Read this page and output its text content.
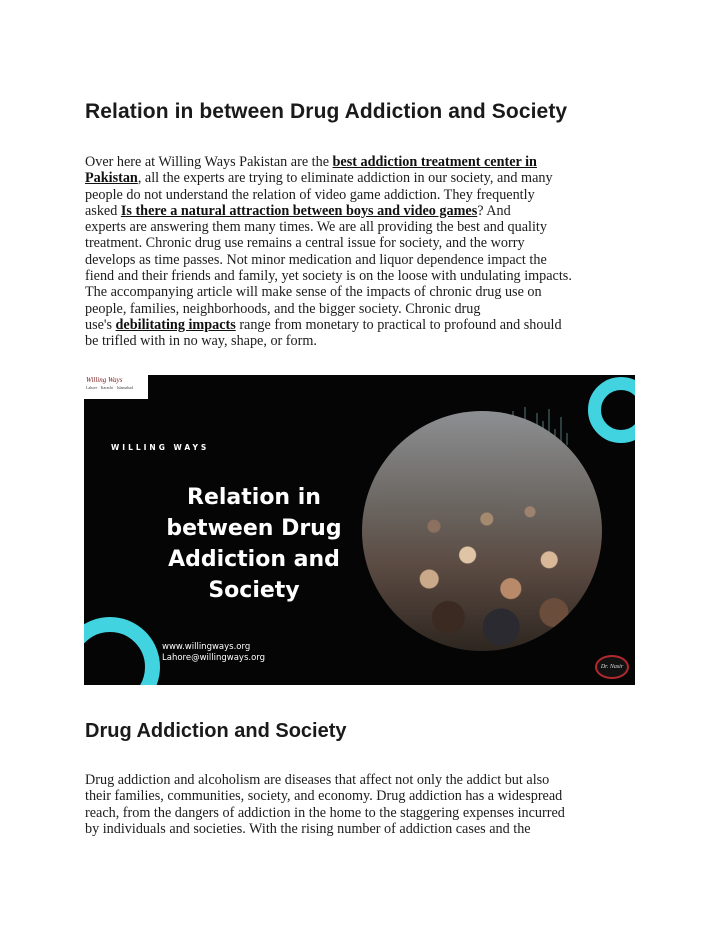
Relation in between Drug Addiction and Society
Over here at Willing Ways Pakistan are the best addiction treatment center in
Pakistan, all the experts are trying to eliminate addiction in our society, and many
people do not understand the relation of video game addiction. They frequently
asked Is there a natural attraction between boys and video games? And
experts are answering them many times. We are all providing the best and quality
treatment. Chronic drug use remains a central issue for society, and the worry
develops as time passes. Not minor medication and liquor dependence impact the
fiend and their friends and family, yet society is on the loose with undulating impacts.
The accompanying article will make sense of the impacts of chronic drug use on
people, families, neighborhoods, and the bigger society. Chronic drug
use's debilitating impacts range from monetary to practical to profound and should
be trifled with in no way, shape, or form.
Willing Ways
Lahore · Karachi · Islamabad
WILLING WAYS
Relation in
between Drug
Addiction and
Society
www.willingways.org
Lahore@willingways.org
Dr. Nasir
Drug Addiction and Society
Drug addiction and alcoholism are diseases that affect not only the addict but also
their families, communities, society, and economy. Drug addiction has a widespread
reach, from the dangers of addiction in the home to the staggering expenses incurred
by individuals and societies. With the rising number of addiction cases and the
